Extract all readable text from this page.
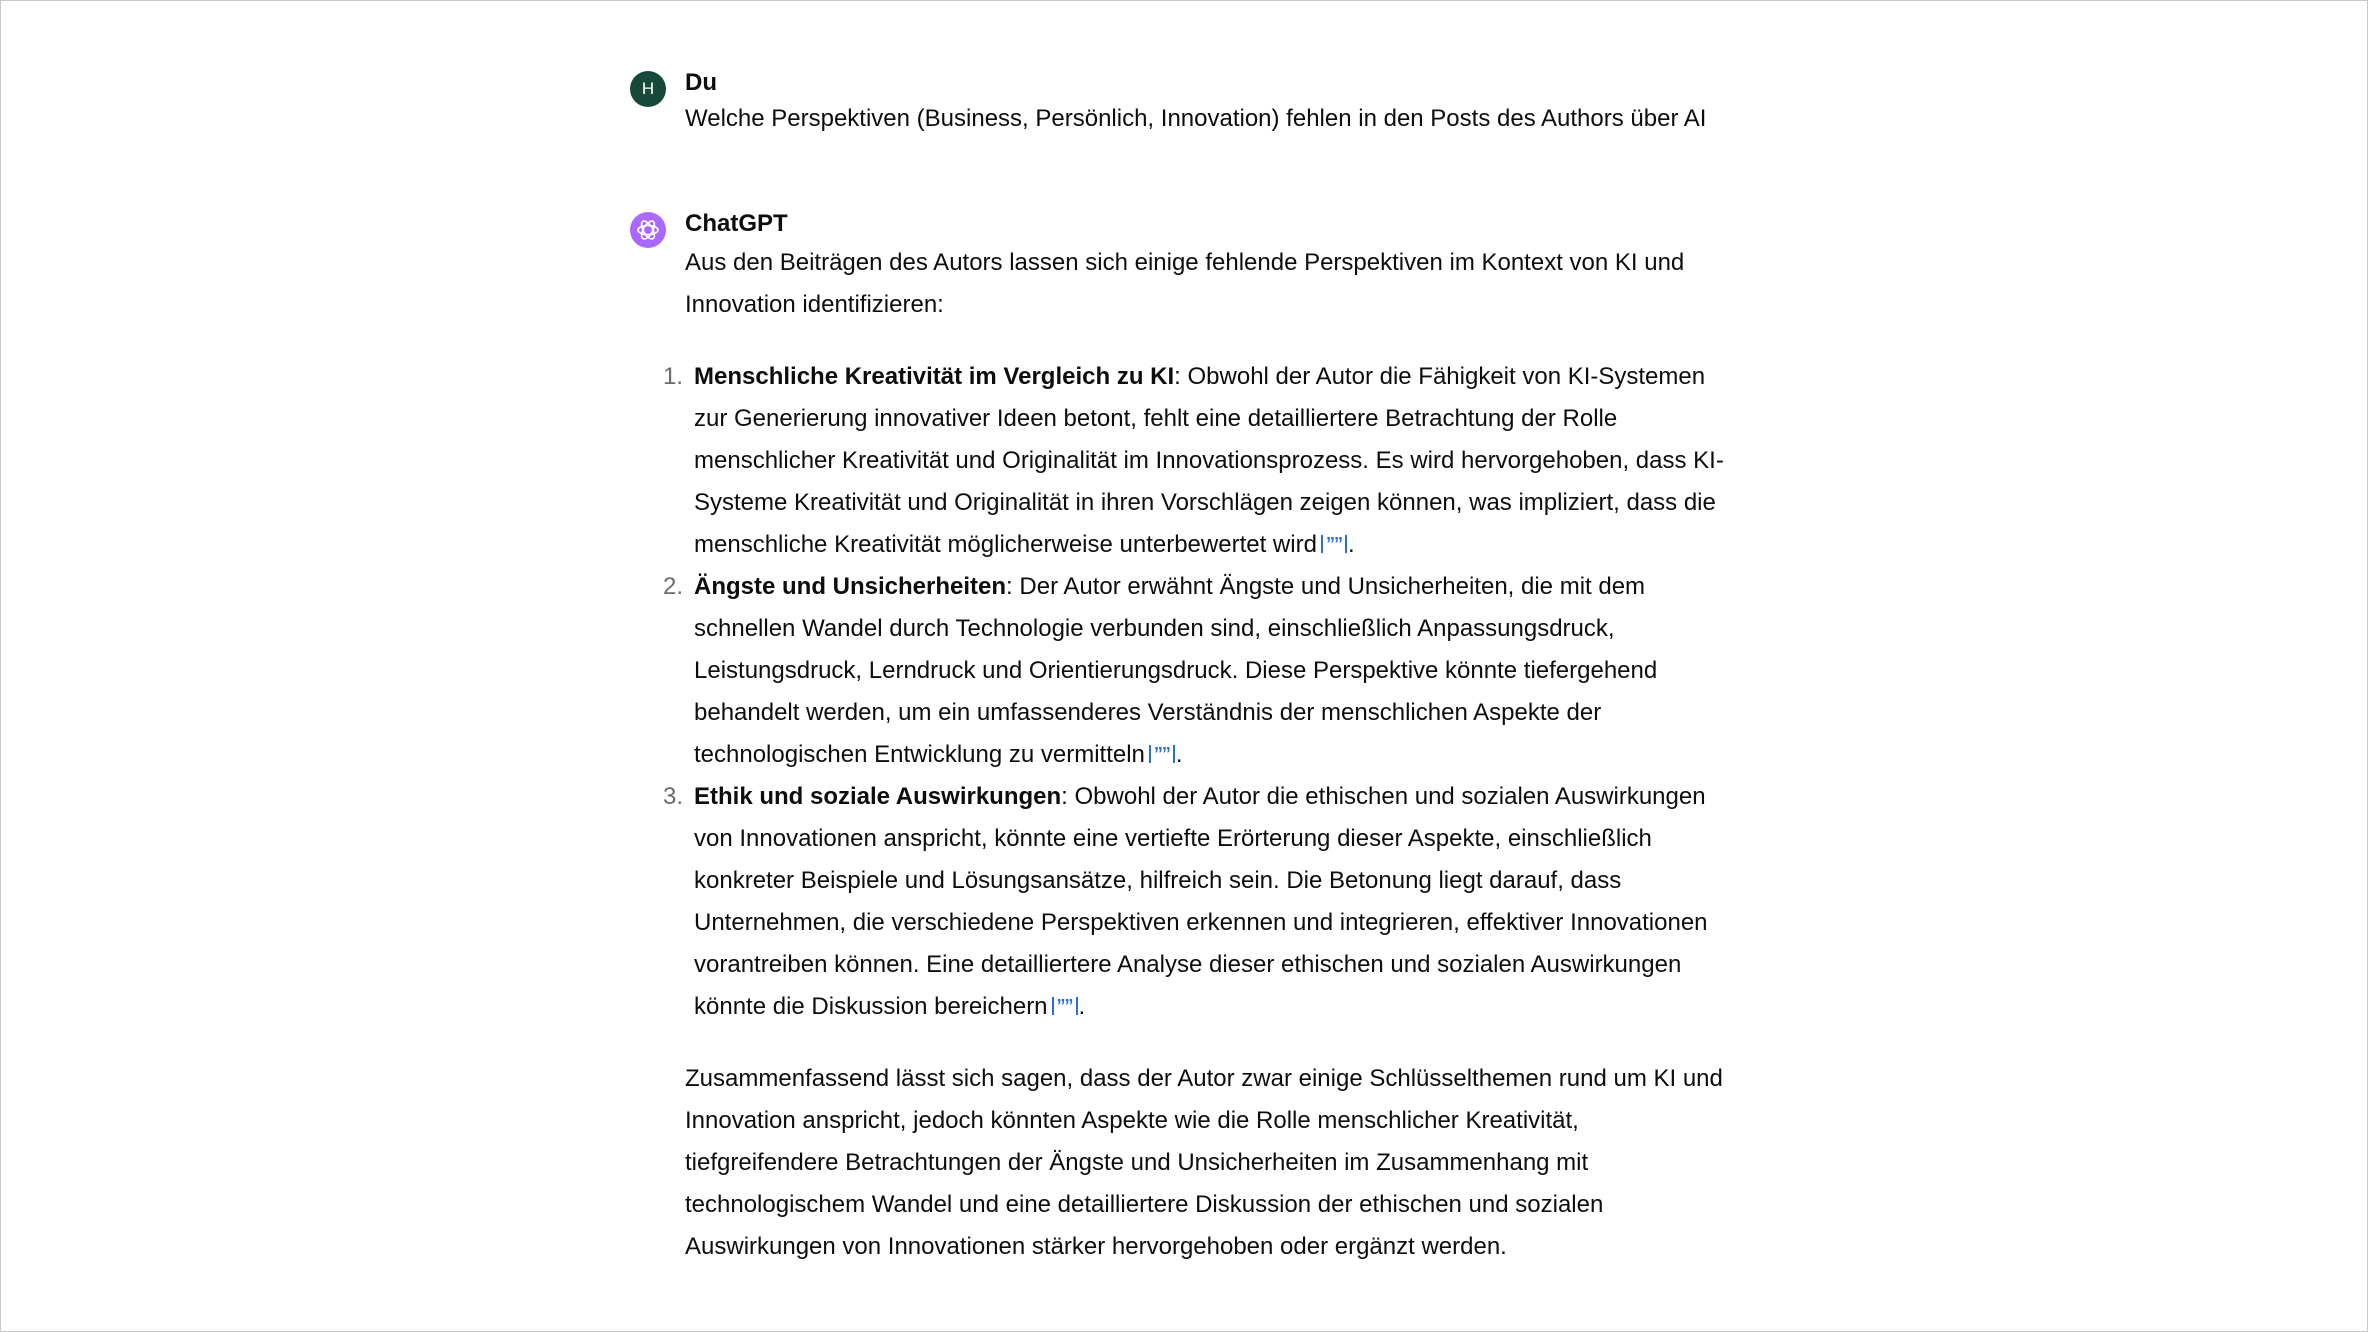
H Du
Welche Perspektiven (Business, Persönlich, Innovation) fehlen in den Posts des Authors über AI
ChatGPT

Aus den Beiträgen des Autors lassen sich einige fehlende Perspektiven im Kontext von KI und Innovation identifizieren:

1. Menschliche Kreativität im Vergleich zu KI: Obwohl der Autor die Fähigkeit von KI-Systemen zur Generierung innovativer Ideen betont, fehlt eine detailliertere Betrachtung der Rolle menschlicher Kreativität und Originalität im Innovationsprozess. Es wird hervorgehoben, dass KI-Systeme Kreativität und Originalität in ihren Vorschlägen zeigen können, was impliziert, dass die menschliche Kreativität möglicherweise unterbewertet wird ”” .
2. Ängste und Unsicherheiten: Der Autor erwähnt Ängste und Unsicherheiten, die mit dem schnellen Wandel durch Technologie verbunden sind, einschließlich Anpassungsdruck, Leistungsdruck, Lerndruck und Orientierungsdruck. Diese Perspektive könnte tiefergehend behandelt werden, um ein umfassenderes Verständnis der menschlichen Aspekte der technologischen Entwicklung zu vermitteln ”” .
3. Ethik und soziale Auswirkungen: Obwohl der Autor die ethischen und sozialen Auswirkungen von Innovationen anspricht, könnte eine vertiefte Erörterung dieser Aspekte, einschließlich konkreter Beispiele und Lösungsansätze, hilfreich sein. Die Betonung liegt darauf, dass Unternehmen, die verschiedene Perspektiven erkennen und integrieren, effektiver Innovationen vorantreiben können. Eine detailliertere Analyse dieser ethischen und sozialen Auswirkungen könnte die Diskussion bereichern ”” .

Zusammenfassend lässt sich sagen, dass der Autor zwar einige Schlüsselthemen rund um KI und Innovation anspricht, jedoch könnten Aspekte wie die Rolle menschlicher Kreativität, tiefgreifendere Betrachtungen der Ängste und Unsicherheiten im Zusammenhang mit technologischem Wandel und eine detailliertere Diskussion der ethischen und sozialen Auswirkungen von Innovationen stärker hervorgehoben oder ergänzt werden.
